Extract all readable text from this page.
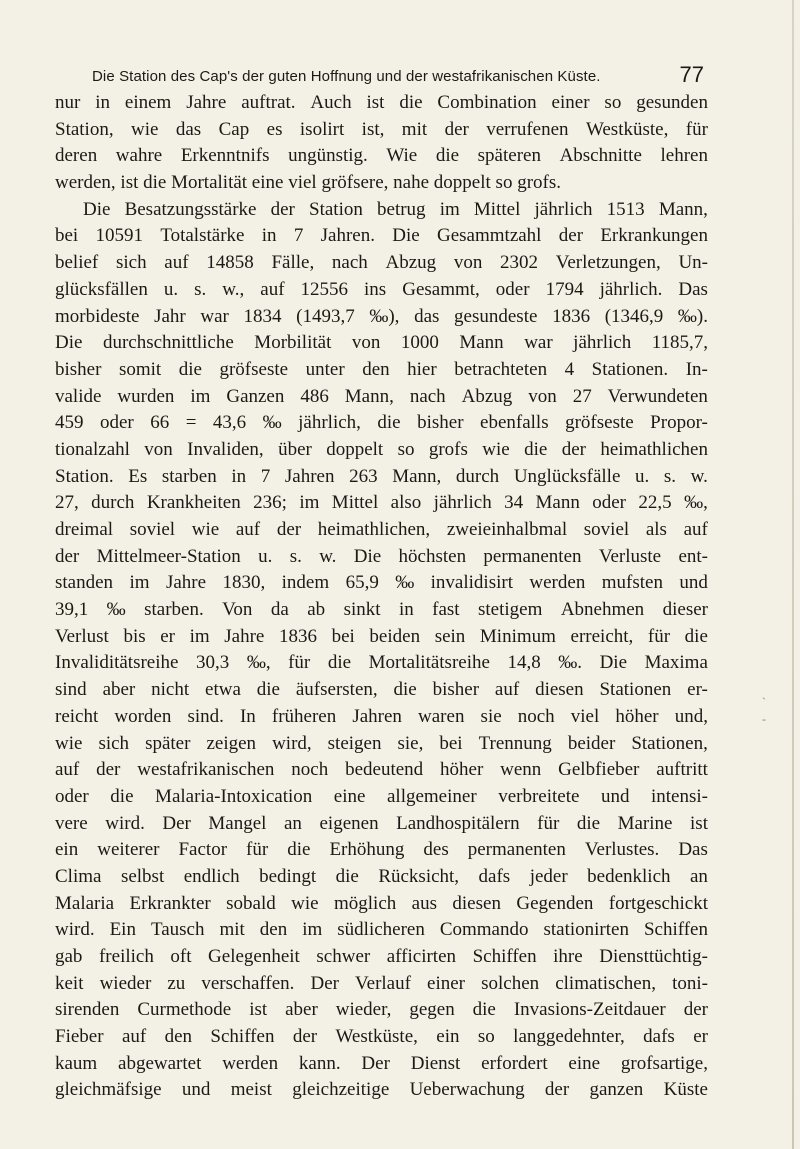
Die Station des Cap's der guten Hoffnung und der westafrikanischen Küste.	77
nur in einem Jahre auftrat. Auch ist die Combination einer so gesunden
Station, wie das Cap es isolirt ist, mit der verrufenen Westküste, für
deren wahre Erkenntnifs ungünstig. Wie die späteren Abschnitte lehren
werden, ist die Mortalität eine viel gröfsere, nahe doppelt so grofs.
Die Besatzungsstärke der Station betrug im Mittel jährlich 1513 Mann,
bei 10591 Totalstärke in 7 Jahren. Die Gesammtzahl der Erkrankungen
belief sich auf 14858 Fälle, nach Abzug von 2302 Verletzungen, Un-
glücksfällen u. s. w., auf 12556 ins Gesammt, oder 1794 jährlich. Das
morbideste Jahr war 1834 (1493,7 ‰), das gesundeste 1836 (1346,9 ‰).
Die durchschnittliche Morbilität von 1000 Mann war jährlich 1185,7,
bisher somit die gröfseste unter den hier betrachteten 4 Stationen. In-
valide wurden im Ganzen 486 Mann, nach Abzug von 27 Verwundeten
459 oder 66 = 43,6 ‰ jährlich, die bisher ebenfalls gröfseste Propor-
tionalzahl von Invaliden, über doppelt so grofs wie die der heimathlichen
Station. Es starben in 7 Jahren 263 Mann, durch Unglücksfälle u. s. w.
27, durch Krankheiten 236; im Mittel also jährlich 34 Mann oder 22,5 ‰,
dreimal soviel wie auf der heimathlichen, zweieinhalbmal soviel als auf
der Mittelmeer-Station u. s. w. Die höchsten permanenten Verluste ent-
standen im Jahre 1830, indem 65,9 ‰ invalidisirt werden mufsten und
39,1 ‰ starben. Von da ab sinkt in fast stetigem Abnehmen dieser
Verlust bis er im Jahre 1836 bei beiden sein Minimum erreicht, für die
Invaliditätsreihe 30,3 ‰, für die Mortalitätsreihe 14,8 ‰. Die Maxima
sind aber nicht etwa die äufsersten, die bisher auf diesen Stationen er-
reicht worden sind. In früheren Jahren waren sie noch viel höher und,
wie sich später zeigen wird, steigen sie, bei Trennung beider Stationen,
auf der westafrikanischen noch bedeutend höher wenn Gelbfieber auftritt
oder die Malaria-Intoxication eine allgemeiner verbreitete und intensi-
vere wird. Der Mangel an eigenen Landhospitälern für die Marine ist
ein weiterer Factor für die Erhöhung des permanenten Verlustes. Das
Clima selbst endlich bedingt die Rücksicht, dafs jeder bedenklich an
Malaria Erkrankter sobald wie möglich aus diesen Gegenden fortgeschickt
wird. Ein Tausch mit den im südlicheren Commando stationirten Schiffen
gab freilich oft Gelegenheit schwer afficirten Schiffen ihre Diensttüchtig-
keit wieder zu verschaffen. Der Verlauf einer solchen climatischen, toni-
sirenden Curmethode ist aber wieder, gegen die Invasions-Zeitdauer der
Fieber auf den Schiffen der Westküste, ein so langgedehnter, dafs er
kaum abgewartet werden kann. Der Dienst erfordert eine grofsartige,
gleichmäfsige und meist gleichzeitige Ueberwachung der ganzen Küste
ˎ
-
